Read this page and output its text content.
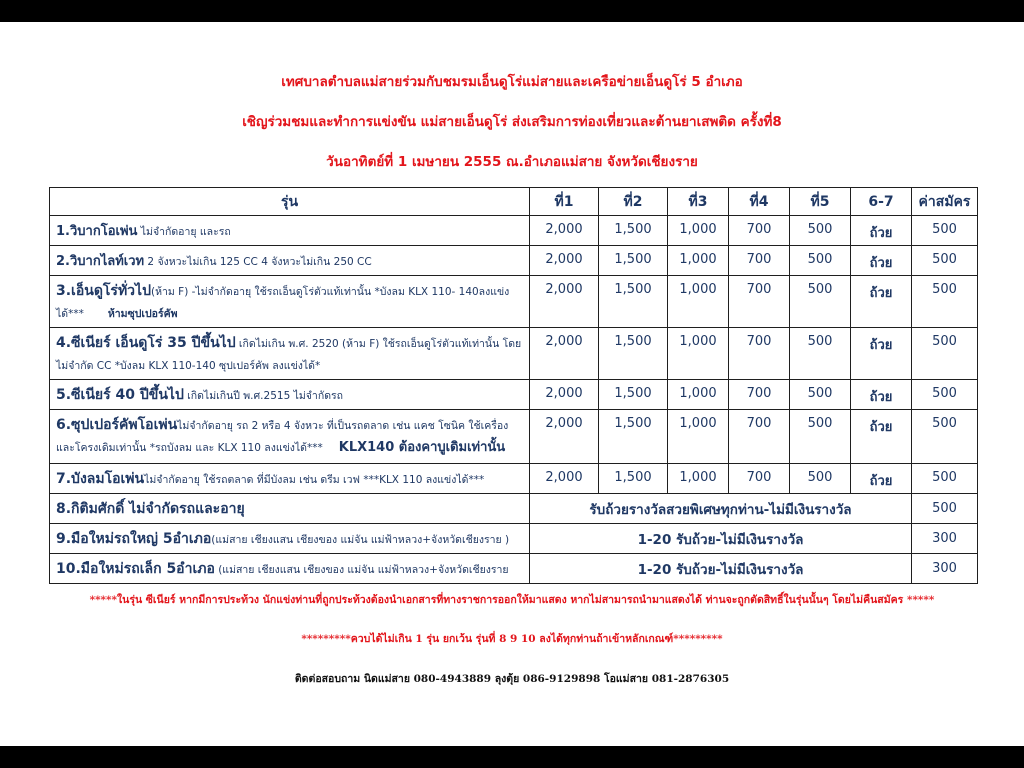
เทศบาลตำบลแม่สายร่วมกับชมรมเอ็นดูโร่แม่สายและเครือข่ายเอ็นดูโร่ 5 อำเภอ
เชิญร่วมชมและทำการแข่งขัน แม่สายเอ็นดูโร่ ส่งเสริมการท่องเที่ยวและต้านยาเสพติด ครั้งที่8
วันอาทิตย์ที่ 1 เมษายน 2555 ณ.อำเภอแม่สาย จังหวัดเชียงราย
รุ่น	ที่1	ที่2	ที่3	ที่4	ที่5	6-7	ค่าสมัคร
1.วิบากโอเพ่น ไม่จำกัดอายุ และรถ	2,000	1,500	1,000	700	500	ถ้วย	500
2.วิบากไลท์เวท 2 จังหวะไม่เกิน 125 CC 4 จังหวะไม่เกิน 250 CC	2,000	1,500	1,000	700	500	ถ้วย	500
3.เอ็นดูโร่ทั่วไป(ห้าม F) -ไม่จำกัดอายุ ใช้รถเอ็นดูโร่ตัวแท้เท่านั้น *บังลม KLX 110- 140ลงแข่งได้*** ห้ามซุปเปอร์คัพ	2,000	1,500	1,000	700	500	ถ้วย	500
4.ซีเนียร์ เอ็นดูโร่ 35 ปีขึ้นไป เกิดไม่เกิน พ.ศ. 2520 (ห้าม F) ใช้รถเอ็นดูโร่ตัวแท้เท่านั้น โดยไม่จำกัด CC *บังลม KLX 110-140 ซุปเปอร์คัพ ลงแข่งได้*	2,000	1,500	1,000	700	500	ถ้วย	500
5.ซีเนียร์ 40 ปีขึ้นไป เกิดไม่เกินปี พ.ศ.2515 ไม่จำกัดรถ	2,000	1,500	1,000	700	500	ถ้วย	500
6.ซุปเปอร์คัพโอเพ่นไม่จำกัดอายุ รถ 2 หรือ 4 จังหวะ ที่เป็นรถตลาด เช่น แคช โซนิค ใช้เครื่องและโครงเดิมเท่านั้น *รถบังลม และ KLX 110 ลงแข่งได้*** KLX140 ต้องคาบูเดิมเท่านั้น	2,000	1,500	1,000	700	500	ถ้วย	500
7.บังลมโอเพ่นไม่จำกัดอายุ ใช้รถตลาด ที่มีบังลม เช่น ดรีม เวฟ ***KLX 110 ลงแข่งได้***	2,000	1,500	1,000	700	500	ถ้วย	500
8.กิติมศักดิ์ ไม่จำกัดรถและอายุ	รับถ้วยรางวัลสวยพิเศษทุกท่าน-ไม่มีเงินรางวัล						500
9.มือใหม่รถใหญ่ 5อำเภอ(แม่สาย เชียงแสน เชียงของ แม่จัน แม่ฟ้าหลวง+จังหวัดเชียงราย )	1-20 รับถ้วย-ไม่มีเงินรางวัล						300
10.มือใหม่รถเล็ก 5อำเภอ (แม่สาย เชียงแสน เชียงของ แม่จัน แม่ฟ้าหลวง+จังหวัดเชียงราย	1-20 รับถ้วย-ไม่มีเงินรางวัล						300
*****ในรุ่น ซีเนียร์ หากมีการประท้วง นักแข่งท่านที่ถูกประท้วงต้องนำเอกสารที่ทางราชการออกให้มาแสดง หากไม่สามารถนำมาแสดงได้ ท่านจะถูกตัดสิทธิ์ในรุ่นนั้นๆ โดยไม่คืนสมัคร *****
*********ควบได้ไม่เกิน 1 รุ่น ยกเว้น รุ่นที่ 8 9 10 ลงได้ทุกท่านถ้าเข้าหลักเกณฑ์*********
ติดต่อสอบถาม นิดแม่สาย 080-4943889 ลุงตุ้ย 086-9129898 โอแม่สาย 081-2876305
